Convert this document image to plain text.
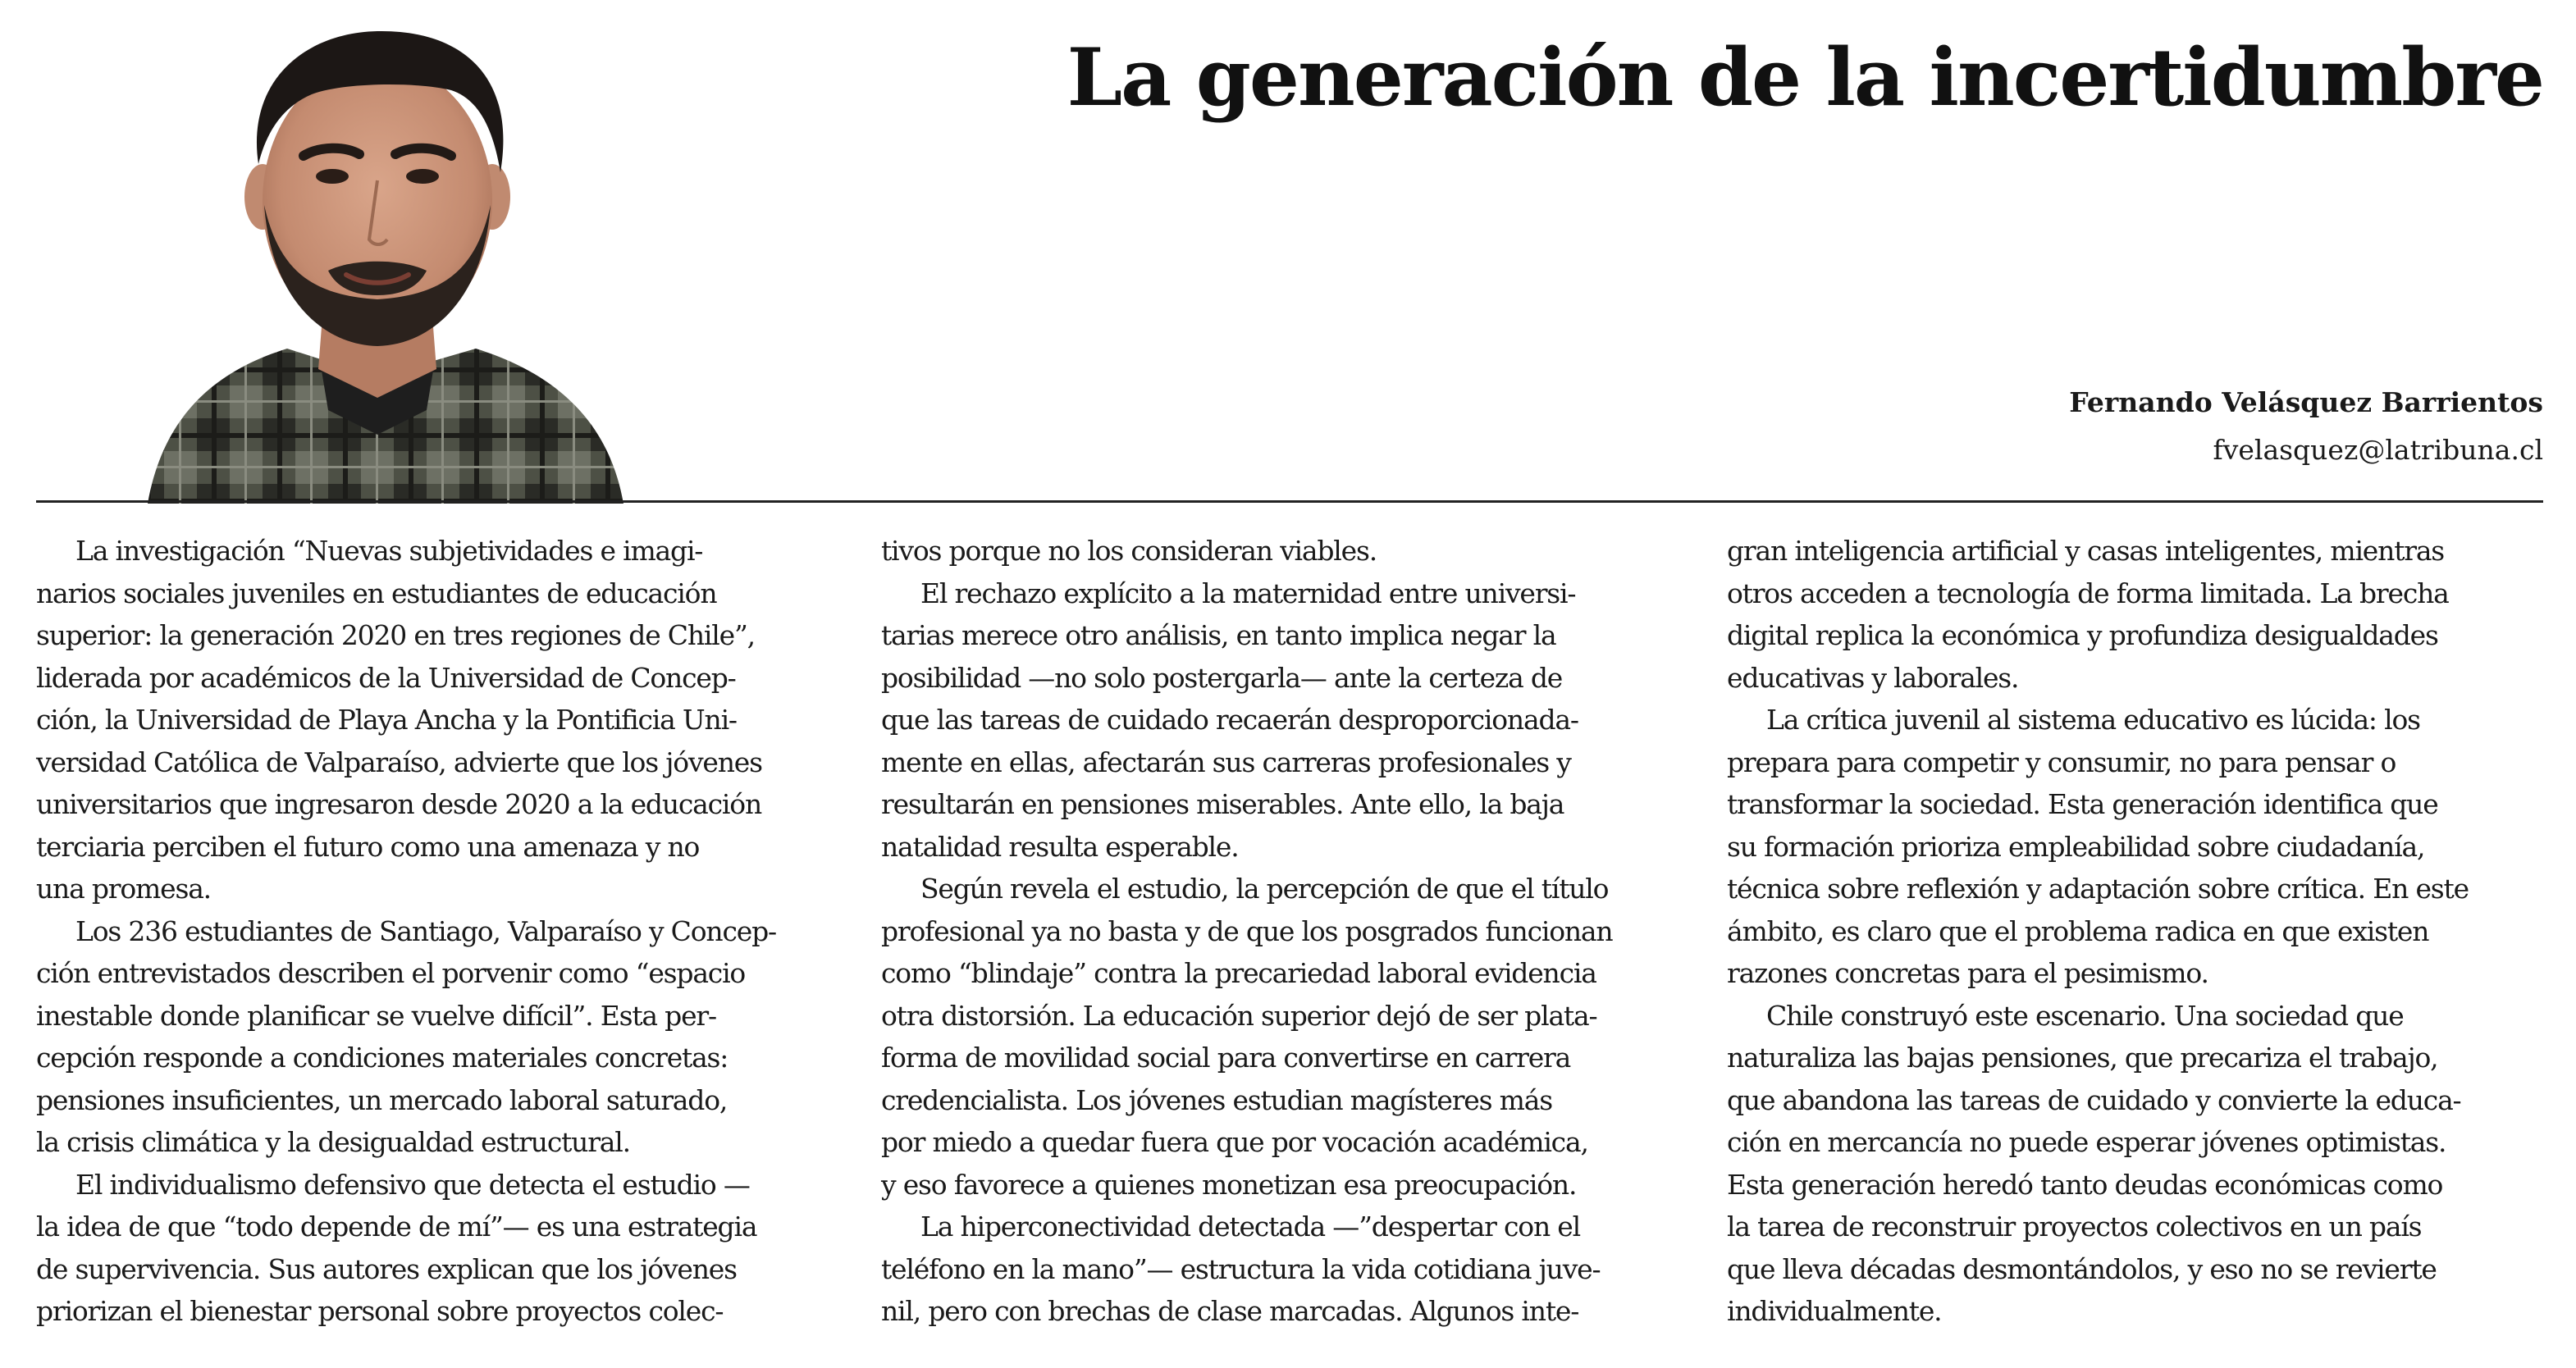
La generación de la incertidumbre
Fernando Velásquez Barrientos
fvelasquez@latribuna.cl
La investigación “Nuevas subjetividades e imagi-
narios sociales juveniles en estudiantes de educación
superior: la generación 2020 en tres regiones de Chile”,
liderada por académicos de la Universidad de Concep-
ción, la Universidad de Playa Ancha y la Pontificia Uni-
versidad Católica de Valparaíso, advierte que los jóvenes
universitarios que ingresaron desde 2020 a la educación
terciaria perciben el futuro como una amenaza y no
una promesa.
Los 236 estudiantes de Santiago, Valparaíso y Concep-
ción entrevistados describen el porvenir como “espacio
inestable donde planificar se vuelve difícil”. Esta per-
cepción responde a condiciones materiales concretas:
pensiones insuficientes, un mercado laboral saturado,
la crisis climática y la desigualdad estructural.
El individualismo defensivo que detecta el estudio —
la idea de que “todo depende de mí”— es una estrategia
de supervivencia. Sus autores explican que los jóvenes
priorizan el bienestar personal sobre proyectos colec-
tivos porque no los consideran viables.
El rechazo explícito a la maternidad entre universi-
tarias merece otro análisis, en tanto implica negar la
posibilidad —no solo postergarla— ante la certeza de
que las tareas de cuidado recaerán desproporcionada-
mente en ellas, afectarán sus carreras profesionales y
resultarán en pensiones miserables. Ante ello, la baja
natalidad resulta esperable.
Según revela el estudio, la percepción de que el título
profesional ya no basta y de que los posgrados funcionan
como “blindaje” contra la precariedad laboral evidencia
otra distorsión. La educación superior dejó de ser plata-
forma de movilidad social para convertirse en carrera
credencialista. Los jóvenes estudian magísteres más
por miedo a quedar fuera que por vocación académica,
y eso favorece a quienes monetizan esa preocupación.
La hiperconectividad detectada —”despertar con el
teléfono en la mano”— estructura la vida cotidiana juve-
nil, pero con brechas de clase marcadas. Algunos inte-
gran inteligencia artificial y casas inteligentes, mientras
otros acceden a tecnología de forma limitada. La brecha
digital replica la económica y profundiza desigualdades
educativas y laborales.
La crítica juvenil al sistema educativo es lúcida: los
prepara para competir y consumir, no para pensar o
transformar la sociedad. Esta generación identifica que
su formación prioriza empleabilidad sobre ciudadanía,
técnica sobre reflexión y adaptación sobre crítica. En este
ámbito, es claro que el problema radica en que existen
razones concretas para el pesimismo.
Chile construyó este escenario. Una sociedad que
naturaliza las bajas pensiones, que precariza el trabajo,
que abandona las tareas de cuidado y convierte la educa-
ción en mercancía no puede esperar jóvenes optimistas.
Esta generación heredó tanto deudas económicas como
la tarea de reconstruir proyectos colectivos en un país
que lleva décadas desmontándolos, y eso no se revierte
individualmente.
